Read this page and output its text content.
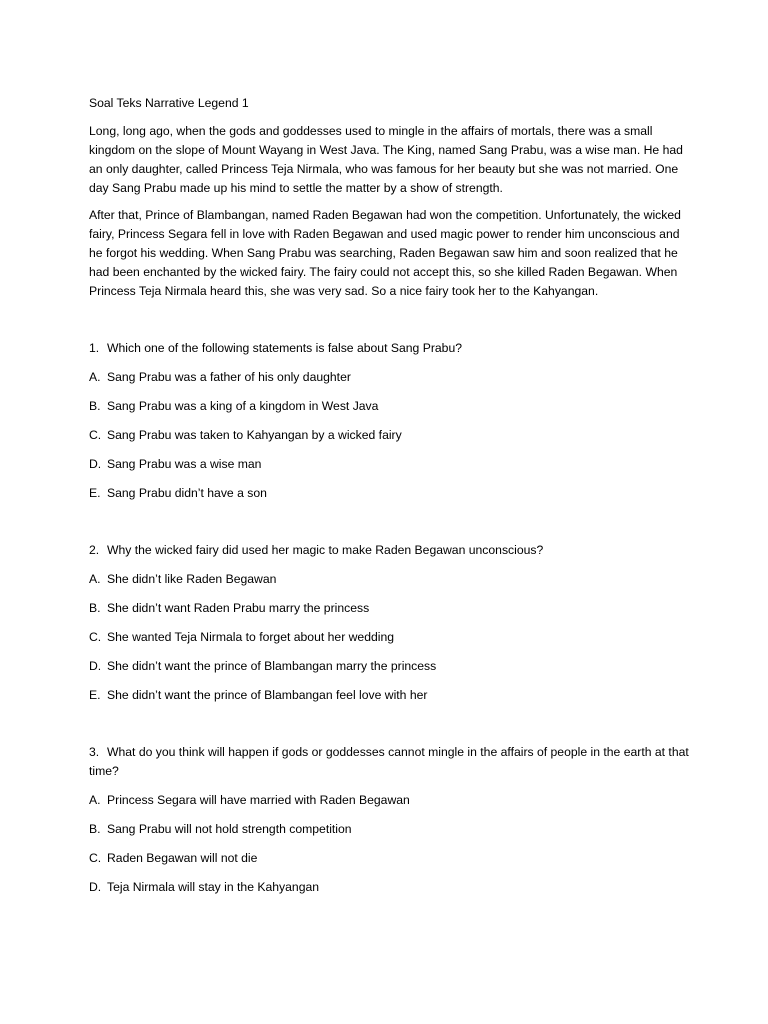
Soal Teks Narrative Legend 1

Long, long ago, when the gods and goddesses used to mingle in the affairs of mortals, there was a small kingdom on the slope of Mount Wayang in West Java. The King, named Sang Prabu, was a wise man. He had an only daughter, called Princess Teja Nirmala, who was famous for her beauty but she was not married. One day Sang Prabu made up his mind to settle the matter by a show of strength.

After that, Prince of Blambangan, named Raden Begawan had won the competition. Unfortunately, the wicked fairy, Princess Segara fell in love with Raden Begawan and used magic power to render him unconscious and he forgot his wedding. When Sang Prabu was searching, Raden Begawan saw him and soon realized that he had been enchanted by the wicked fairy. The fairy could not accept this, so she killed Raden Begawan. When Princess Teja Nirmala heard this, she was very sad. So a nice fairy took her to the Kahyangan.

1. Which one of the following statements is false about Sang Prabu?

A. Sang Prabu was a father of his only daughter

B. Sang Prabu was a king of a kingdom in West Java

C. Sang Prabu was taken to Kahyangan by a wicked fairy

D. Sang Prabu was a wise man

E. Sang Prabu didn’t have a son

2. Why the wicked fairy did used her magic to make Raden Begawan unconscious?

A. She didn’t like Raden Begawan

B. She didn’t want Raden Prabu marry the princess

C. She wanted Teja Nirmala to forget about her wedding

D. She didn’t want the prince of Blambangan marry the princess

E. She didn’t want the prince of Blambangan feel love with her

3. What do you think will happen if gods or goddesses cannot mingle in the affairs of people in the earth at that time?

A. Princess Segara will have married with Raden Begawan

B. Sang Prabu will not hold strength competition

C. Raden Begawan will not die

D. Teja Nirmala will stay in the Kahyangan
